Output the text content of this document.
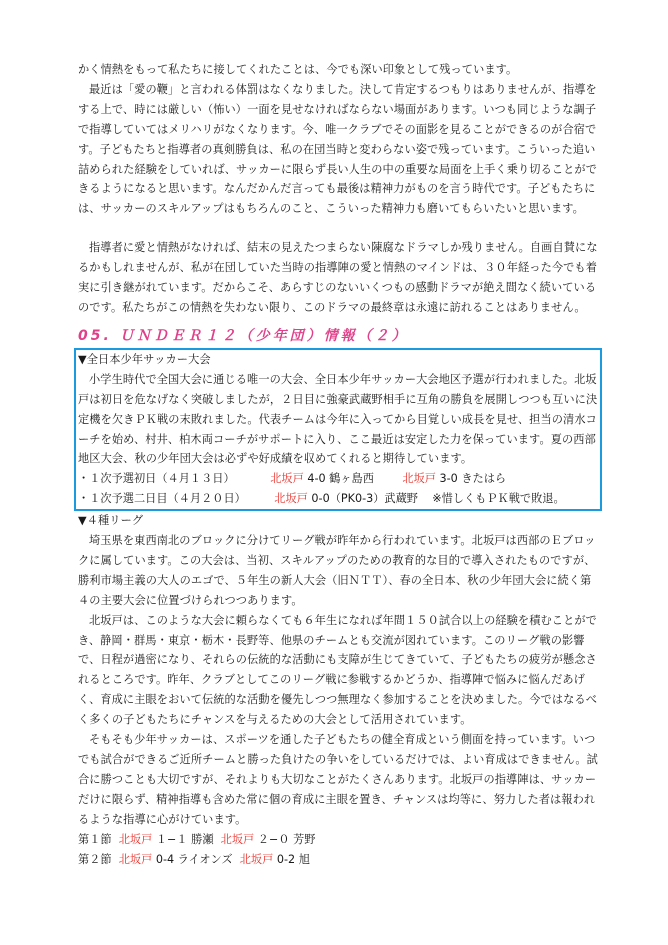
かく情熱をもって私たちに接してくれたことは、今でも深い印象として残っています。

最近は「愛の鞭」と言われる体罰はなくなりました。決して肯定するつもりはありませんが、指導をする上で、時には厳しい（怖い）一面を見せなければならない場面があります。いつも同じような調子で指導していてはメリハリがなくなります。今、唯一クラブでその面影を見ることができるのが合宿です。子どもたちと指導者の真剣勝負は、私の在団当時と変わらない姿で残っています。こういった追い詰められた経験をしていれば、サッカーに限らず長い人生の中の重要な局面を上手く乗り切ることができるようになると思います。なんだかんだ言っても最後は精神力がものを言う時代です。子どもたちには、サッカーのスキルアップはもちろんのこと、こういった精神力も磨いてもらいたいと思います。

指導者に愛と情熱がなければ、結末の見えたつまらない陳腐なドラマしか残りません。自画自賛になるかもしれませんが、私が在団していた当時の指導陣の愛と情熱のマインドは、３０年経った今でも着実に引き継がれています。だからこそ、あらすじのないいくつもの感動ドラマが絶え間なく続いているのです。私たちがこの情熱を失わない限り、このドラマの最終章は永遠に訪れることはありません。

05. ＵＮＤＥＲ１２（少年団）情報（２）

▼全日本少年サッカー大会

小学生時代で全国大会に通じる唯一の大会、全日本少年サッカー大会地区予選が行われました。北坂戸は初日を危なげなく突破しましたが，２日目に強豪武蔵野相手に互角の勝負を展開しつつも互いに決定機を欠きＰＫ戦の末敗れました。代表チームは今年に入ってから目覚しい成長を見せ、担当の清水コーチを始め、村井、柏木両コーチがサポートに入り、ここ最近は安定した力を保っています。夏の西部地区大会、秋の少年団大会は必ずや好成績を収めてくれると期待しています。

・１次予選初日（４月１３日）	北坂戸 4-0 鶴ヶ島西	北坂戸 3-0 きたはら
・１次予選二日目（４月２０日）	北坂戸 0-0（PK0-3）武蔵野 ※惜しくもＰＫ戦で敗退。

▼４種リーグ

埼玉県を東西南北のブロックに分けてリーグ戦が昨年から行われています。北坂戸は西部のＥブロックに属しています。この大会は、当初、スキルアップのための教育的な目的で導入されたものですが、勝利市場主義の大人のエゴで、５年生の新人大会（旧ＮＴＴ）、春の全日本、秋の少年団大会に続く第４の主要大会に位置づけられつつあります。

北坂戸は、このような大会に頼らなくても６年生になれば年間１５０試合以上の経験を積むことができ、静岡・群馬・東京・栃木・長野等、他県のチームとも交流が図れています。このリーグ戦の影響で、日程が過密になり、それらの伝統的な活動にも支障が生じてきていて、子どもたちの疲労が懸念されるところです。昨年、クラブとしてこのリーグ戦に参戦するかどうか、指導陣で悩みに悩んだあげく、育成に主眼をおいて伝統的な活動を優先しつつ無理なく参加することを決めました。今ではなるべく多くの子どもたちにチャンスを与えるための大会として活用されています。

そもそも少年サッカーは、スポーツを通した子どもたちの健全育成という側面を持っています。いつでも試合ができるご近所チームと勝った負けたの争いをしているだけでは、よい育成はできません。試合に勝つことも大切ですが、それよりも大切なことがたくさんあります。北坂戸の指導陣は、サッカーだけに限らず、精神指導も含めた常に個の育成に主眼を置き、チャンスは均等に、努力した者は報われるような指導に心がけています。

第１節 北坂戸 １−１ 勝瀬 北坂戸 ２−０ 芳野
第２節 北坂戸 0-4 ライオンズ 北坂戸 0-2 旭
